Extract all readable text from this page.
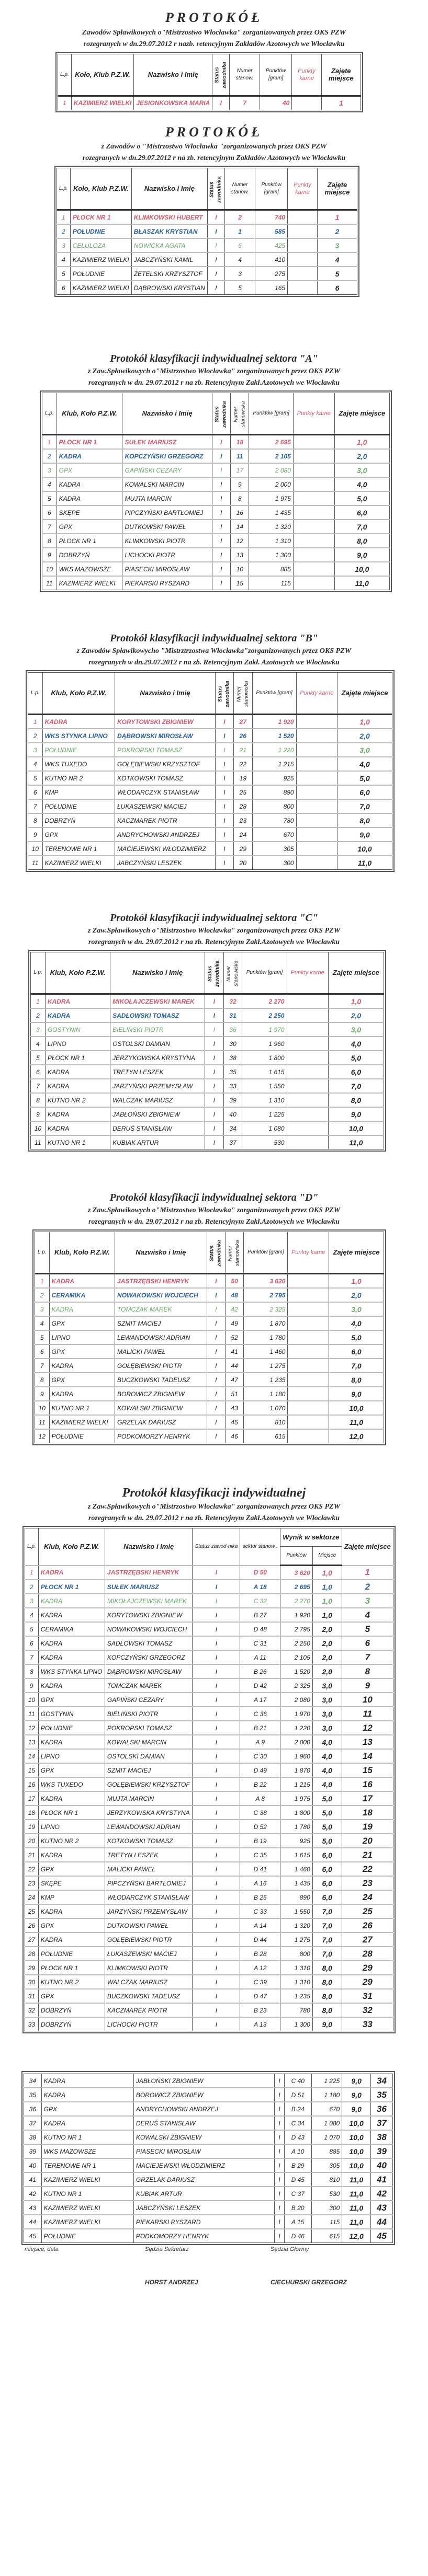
PROTOKÓŁ

Zawodów Spławikowych o"Mistrzostwo Włocławka" zorganizowanych przez OKS PZW

rozegranych w dn.29.07.2012 r nazb. retencyjnym Zakładów Azotowych we Włocławku

L.p.	Koło, Klub P.Z.W.	Nazwisko i Imię	Status zawodnika	Numer stanow.	Punktów [gram]	Punkty karne	Zajęte miejsce
1	KAZIMIERZ WIELKI	JESIONKOWSKA MARIA	I	7	40		1

PROTOKÓŁ

z Zawodów o "Mistrzostwo Włocławka "zorganizowanych przez OKS PZW

rozegranych w dn.29.07.2012 r na zb. retencyjnym Zakładów Azotowych we Włocławku

L.p.	Koło, Klub P.Z.W.	Nazwisko i Imię	Status zawodnika	Numer stanow.	Punktów [gram]	Punkty karne	Zajęte miejsce
1	PŁOCK NR 1	KLIMKOWSKI HUBERT	I	2	740		1
2	POŁUDNIE	BŁASZAK KRYSTIAN	I	1	585		2
3	CELULOZA	NOWICKA AGATA	I	6	425		3
4	KAZIMIERZ WIELKI	JABCZYŃSKI KAMIL	I	4	410		4
5	POŁUDNIE	ŻETELSKI KRZYSZTOF	I	3	275		5
6	KAZIMIERZ WIELKI	DĄBROWSKI KRYSTIAN	I	5	165		6

Protokół klasyfikacji indywidualnej sektora "A"

z Zaw.Spławikowych o"Mistrzostwo Włocławka" zorganizowanych przez OKS PZW

rozegranych w dn. 29.07.2012 r na zb. Retencyjnym Zakł.Azotowych we Włocławku

L.p.	Klub, Koło P.Z.W.	Nazwisko i Imię	Status zawodnika	Numer stanowiska	Punktów [gram]	Punkty karne	Zajęte miejsce
1	PŁOCK NR 1	SUŁEK MARIUSZ	I	18	2 695		1,0
2	KADRA	KOPCZYŃSKI GRZEGORZ	I	11	2 105		2,0
3	GPX	GAPIŃSKI CEZARY	I	17	2 080		3,0
4	KADRA	KOWALSKI MARCIN	I	9	2 000		4,0
5	KADRA	MUJTA MARCIN	I	8	1 975		5,0
6	SKĘPE	PIPCZYŃSKI BARTŁOMIEJ	I	16	1 435		6,0
7	GPX	DUTKOWSKI PAWEŁ	I	14	1 320		7,0
8	PŁOCK NR 1	KLIMKOWSKI PIOTR	I	12	1 310		8,0
9	DOBRZYŃ	LICHOCKI PIOTR	I	13	1 300		9,0
10	WKS MAZOWSZE	PIASECKI MIROSŁAW	I	10	885		10,0
11	KAZIMIERZ WIELKI	PIEKARSKI RYSZARD	I	15	115		11,0

Protokół klasyfikacji indywidualnej sektora "B"

z Zawodów Spławikowycho "Mistrztrzostwa Włocławka"zorganizowanych przez OKS PZW

rozegranych w dn.29.07.2012 r na zb. Retencyjnym Zakł. Azotowych we Włocławku

L.p.	Klub, Koło P.Z.W.	Nazwisko i Imię	Status zawodnika	Numer stanowiska	Punktów [gram]	Punkty karne	Zajęte miejsce
1	KADRA	KORYTOWSKI ZBIGNIEW	I	27	1 920		1,0
2	WKS STYNKA LIPNO	DĄBROWSKI MIROSŁAW	I	26	1 520		2,0
3	POŁUDNIE	POKROPSKI TOMASZ	I	21	1 220		3,0
4	WKS TUXEDO	GOŁĘBIEWSKI KRZYSZTOF	I	22	1 215		4,0
5	KUTNO NR 2	KOTKOWSKI TOMASZ	I	19	925		5,0
6	KMP	WŁODARCZYK STANISŁAW	I	25	890		6,0
7	POŁUDNIE	ŁUKASZEWSKI MACIEJ	I	28	800		7,0
8	DOBRZYŃ	KACZMAREK PIOTR	I	23	780		8,0
9	GPX	ANDRYCHOWSKI ANDRZEJ	I	24	670		9,0
10	TERENOWE NR 1	MACIEJEWSKI WŁODZIMIERZ	I	29	305		10,0
11	KAZIMIERZ WIELKI	JABCZYŃSKI LESZEK	I	20	300		11,0

Protokół klasyfikacji indywidualnej sektora "C"

z Zaw.Spławikowych o"Mistrzostwo Włocławka" zorganizowanych przez OKS PZW

rozegranych w dn. 29.07.2012 r na zb. Retencyjnym Zakł.Azotowych we Włocławku

L.p.	Klub, Koło P.Z.W.	Nazwisko i Imię	Status zawodnika	Numer stanowiska	Punktów [gram]	Punkty karne	Zajęte miejsce
1	KADRA	MIKOŁAJCZEWSKI MAREK	I	32	2 270		1,0
2	KADRA	SADŁOWSKI TOMASZ	I	31	2 250		2,0
3	GOSTYNIN	BIELIŃSKI PIOTR	I	36	1 970		3,0
4	LIPNO	OSTOLSKI DAMIAN	I	30	1 960		4,0
5	PŁOCK NR 1	JERZYKOWSKA KRYSTYNA	I	38	1 800		5,0
6	KADRA	TRETYN LESZEK	I	35	1 615		6,0
7	KADRA	JARZYŃSKI PRZEMYSŁAW	I	33	1 550		7,0
8	KUTNO NR 2	WALCZAK MARIUSZ	I	39	1 310		8,0
9	KADRA	JABŁOŃSKI ZBIGNIEW	I	40	1 225		9,0
10	KADRA	DERUŚ STANISŁAW	I	34	1 080		10,0
11	KUTNO NR 1	KUBIAK ARTUR	I	37	530		11,0

Protokół klasyfikacji indywidualnej sektora "D"

z Zaw.Spławikowych o"Mistrzostwo Włocławka" zorganizowanych przez OKS PZW

rozegranych w dn. 29.07.2012 r na zb. Retencyjnym Zakł.Azotowych we Włocławku

L.p.	Klub, Koło P.Z.W.	Nazwisko i Imię	Status zawodnika	Numer stanowiska	Punktów [gram]	Punkty karne	Zajęte miejsce
1	KADRA	JASTRZĘBSKI HENRYK	I	50	3 620		1,0
2	CERAMIKA	NOWAKOWSKI WOJCIECH	I	48	2 795		2,0
3	KADRA	TOMCZAK MAREK	I	42	2 325		3,0
4	GPX	SZMIT MACIEJ	I	49	1 870		4,0
5	LIPNO	LEWANDOWSKI ADRIAN	I	52	1 780		5,0
6	GPX	MALICKI PAWEŁ	I	41	1 460		6,0
7	KADRA	GOŁĘBIEWSKI PIOTR	I	44	1 275		7,0
8	GPX	BUCZKOWSKI TADEUSZ	I	47	1 235		8,0
9	KADRA	BOROWICZ ZBIGNIEW	I	51	1 180		9,0
10	KUTNO NR 1	KOWALSKI ZBIGNIEW	I	43	1 070		10,0
11	KAZIMIERZ WIELKI	GRZELAK DARIUSZ	I	45	810		11,0
12	POŁUDNIE	PODKOMORZY HENRYK	I	46	615		12,0

Protokół klasyfikacji indywidualnej

z Zaw.Spławikowych o"Mistrzostwo Włocławka" zorganizowanych przez OKS PZW

rozegranych w dn. 29.07.2012 r na zb. Retencyjnym Zakł.Azotowych we Włocławku

L.p.	Klub, Koło P.Z.W.	Nazwisko i Imię	Status zawod-nika	sektor stanow .	Wynik w sektorze		Zajęte miejsce
					Punktów	Miejsce	
1	KADRA	JASTRZĘBSKI HENRYK	I	D 50	3 620	1,0	1
2	PŁOCK NR 1	SUŁEK MARIUSZ	I	A 18	2 695	1,0	2
3	KADRA	MIKOŁAJCZEWSKI MAREK	I	C 32	2 270	1,0	3
4	KADRA	KORYTOWSKI ZBIGNIEW	I	B 27	1 920	1,0	4
5	CERAMIKA	NOWAKOWSKI WOJCIECH	I	D 48	2 795	2,0	5
6	KADRA	SADŁOWSKI TOMASZ	I	C 31	2 250	2,0	6
7	KADRA	KOPCZYŃSKI GRZEGORZ	I	A 11	2 105	2,0	7
8	WKS STYNKA LIPNO	DĄBROWSKI MIROSŁAW	I	B 26	1 520	2,0	8
9	KADRA	TOMCZAK MAREK	I	D 42	2 325	3,0	9
10	GPX	GAPIŃSKI CEZARY	I	A 17	2 080	3,0	10
11	GOSTYNIN	BIELIŃSKI PIOTR	I	C 36	1 970	3,0	11
12	POŁUDNIE	POKROPSKI TOMASZ	I	B 21	1 220	3,0	12
13	KADRA	KOWALSKI MARCIN	I	A 9	2 000	4,0	13
14	LIPNO	OSTOLSKI DAMIAN	I	C 30	1 960	4,0	14
15	GPX	SZMIT MACIEJ	I	D 49	1 870	4,0	15
16	WKS TUXEDO	GOŁĘBIEWSKI KRZYSZTOF	I	B 22	1 215	4,0	16
17	KADRA	MUJTA MARCIN	I	A 8	1 975	5,0	17
18	PŁOCK NR 1	JERZYKOWSKA KRYSTYNA	I	C 38	1 800	5,0	18
19	LIPNO	LEWANDOWSKI ADRIAN	I	D 52	1 780	5,0	19
20	KUTNO NR 2	KOTKOWSKI TOMASZ	I	B 19	925	5,0	20
21	KADRA	TRETYN LESZEK	I	C 35	1 615	6,0	21
22	GPX	MALICKI PAWEŁ	I	D 41	1 460	6,0	22
23	SKĘPE	PIPCZYŃSKI BARTŁOMIEJ	I	A 16	1 435	6,0	23
24	KMP	WŁODARCZYK STANISŁAW	I	B 25	890	6,0	24
25	KADRA	JARZYŃSKI PRZEMYSŁAW	I	C 33	1 550	7,0	25
26	GPX	DUTKOWSKI PAWEŁ	I	A 14	1 320	7,0	26
27	KADRA	GOŁĘBIEWSKI PIOTR	I	D 44	1 275	7,0	27
28	POŁUDNIE	ŁUKASZEWSKI MACIEJ	I	B 28	800	7,0	28
29	PŁOCK NR 1	KLIMKOWSKI PIOTR	I	A 12	1 310	8,0	29
30	KUTNO NR 2	WALCZAK MARIUSZ	I	C 39	1 310	8,0	29
31	GPX	BUCZKOWSKI TADEUSZ	I	D 47	1 235	8,0	31
32	DOBRZYŃ	KACZMAREK PIOTR	I	B 23	780	8,0	32
33	DOBRZYŃ	LICHOCKI PIOTR	I	A 13	1 300	9,0	33
34	KADRA	JABŁOŃSKI ZBIGNIEW	I	C 40	1 225	9,0	34
35	KADRA	BOROWICZ ZBIGNIEW	I	D 51	1 180	9,0	35
36	GPX	ANDRYCHOWSKI ANDRZEJ	I	B 24	670	9,0	36
37	KADRA	DERUŚ STANISŁAW	I	C 34	1 080	10,0	37
38	KUTNO NR 1	KOWALSKI ZBIGNIEW	I	D 43	1 070	10,0	38
39	WKS MAZOWSZE	PIASECKI MIROSŁAW	I	A 10	885	10,0	39
40	TERENOWE NR 1	MACIEJEWSKI WŁODZIMIERZ	I	B 29	305	10,0	40
41	KAZIMIERZ WIELKI	GRZELAK DARIUSZ	I	D 45	810	11,0	41
42	KUTNO NR 1	KUBIAK ARTUR	I	C 37	530	11,0	42
43	KAZIMIERZ WIELKI	JABCZYŃSKI LESZEK	I	B 20	300	11,0	43
44	KAZIMIERZ WIELKI	PIEKARSKI RYSZARD	I	A 15	115	11,0	44
45	POŁUDNIE	PODKOMORZY HENRYK	I	D 46	615	12,0	45
miejsce, data	Sędzia Sekretarz	Sędzia Główny
HORST ANDRZEJ	CIECHURSKI GRZEGORZ
